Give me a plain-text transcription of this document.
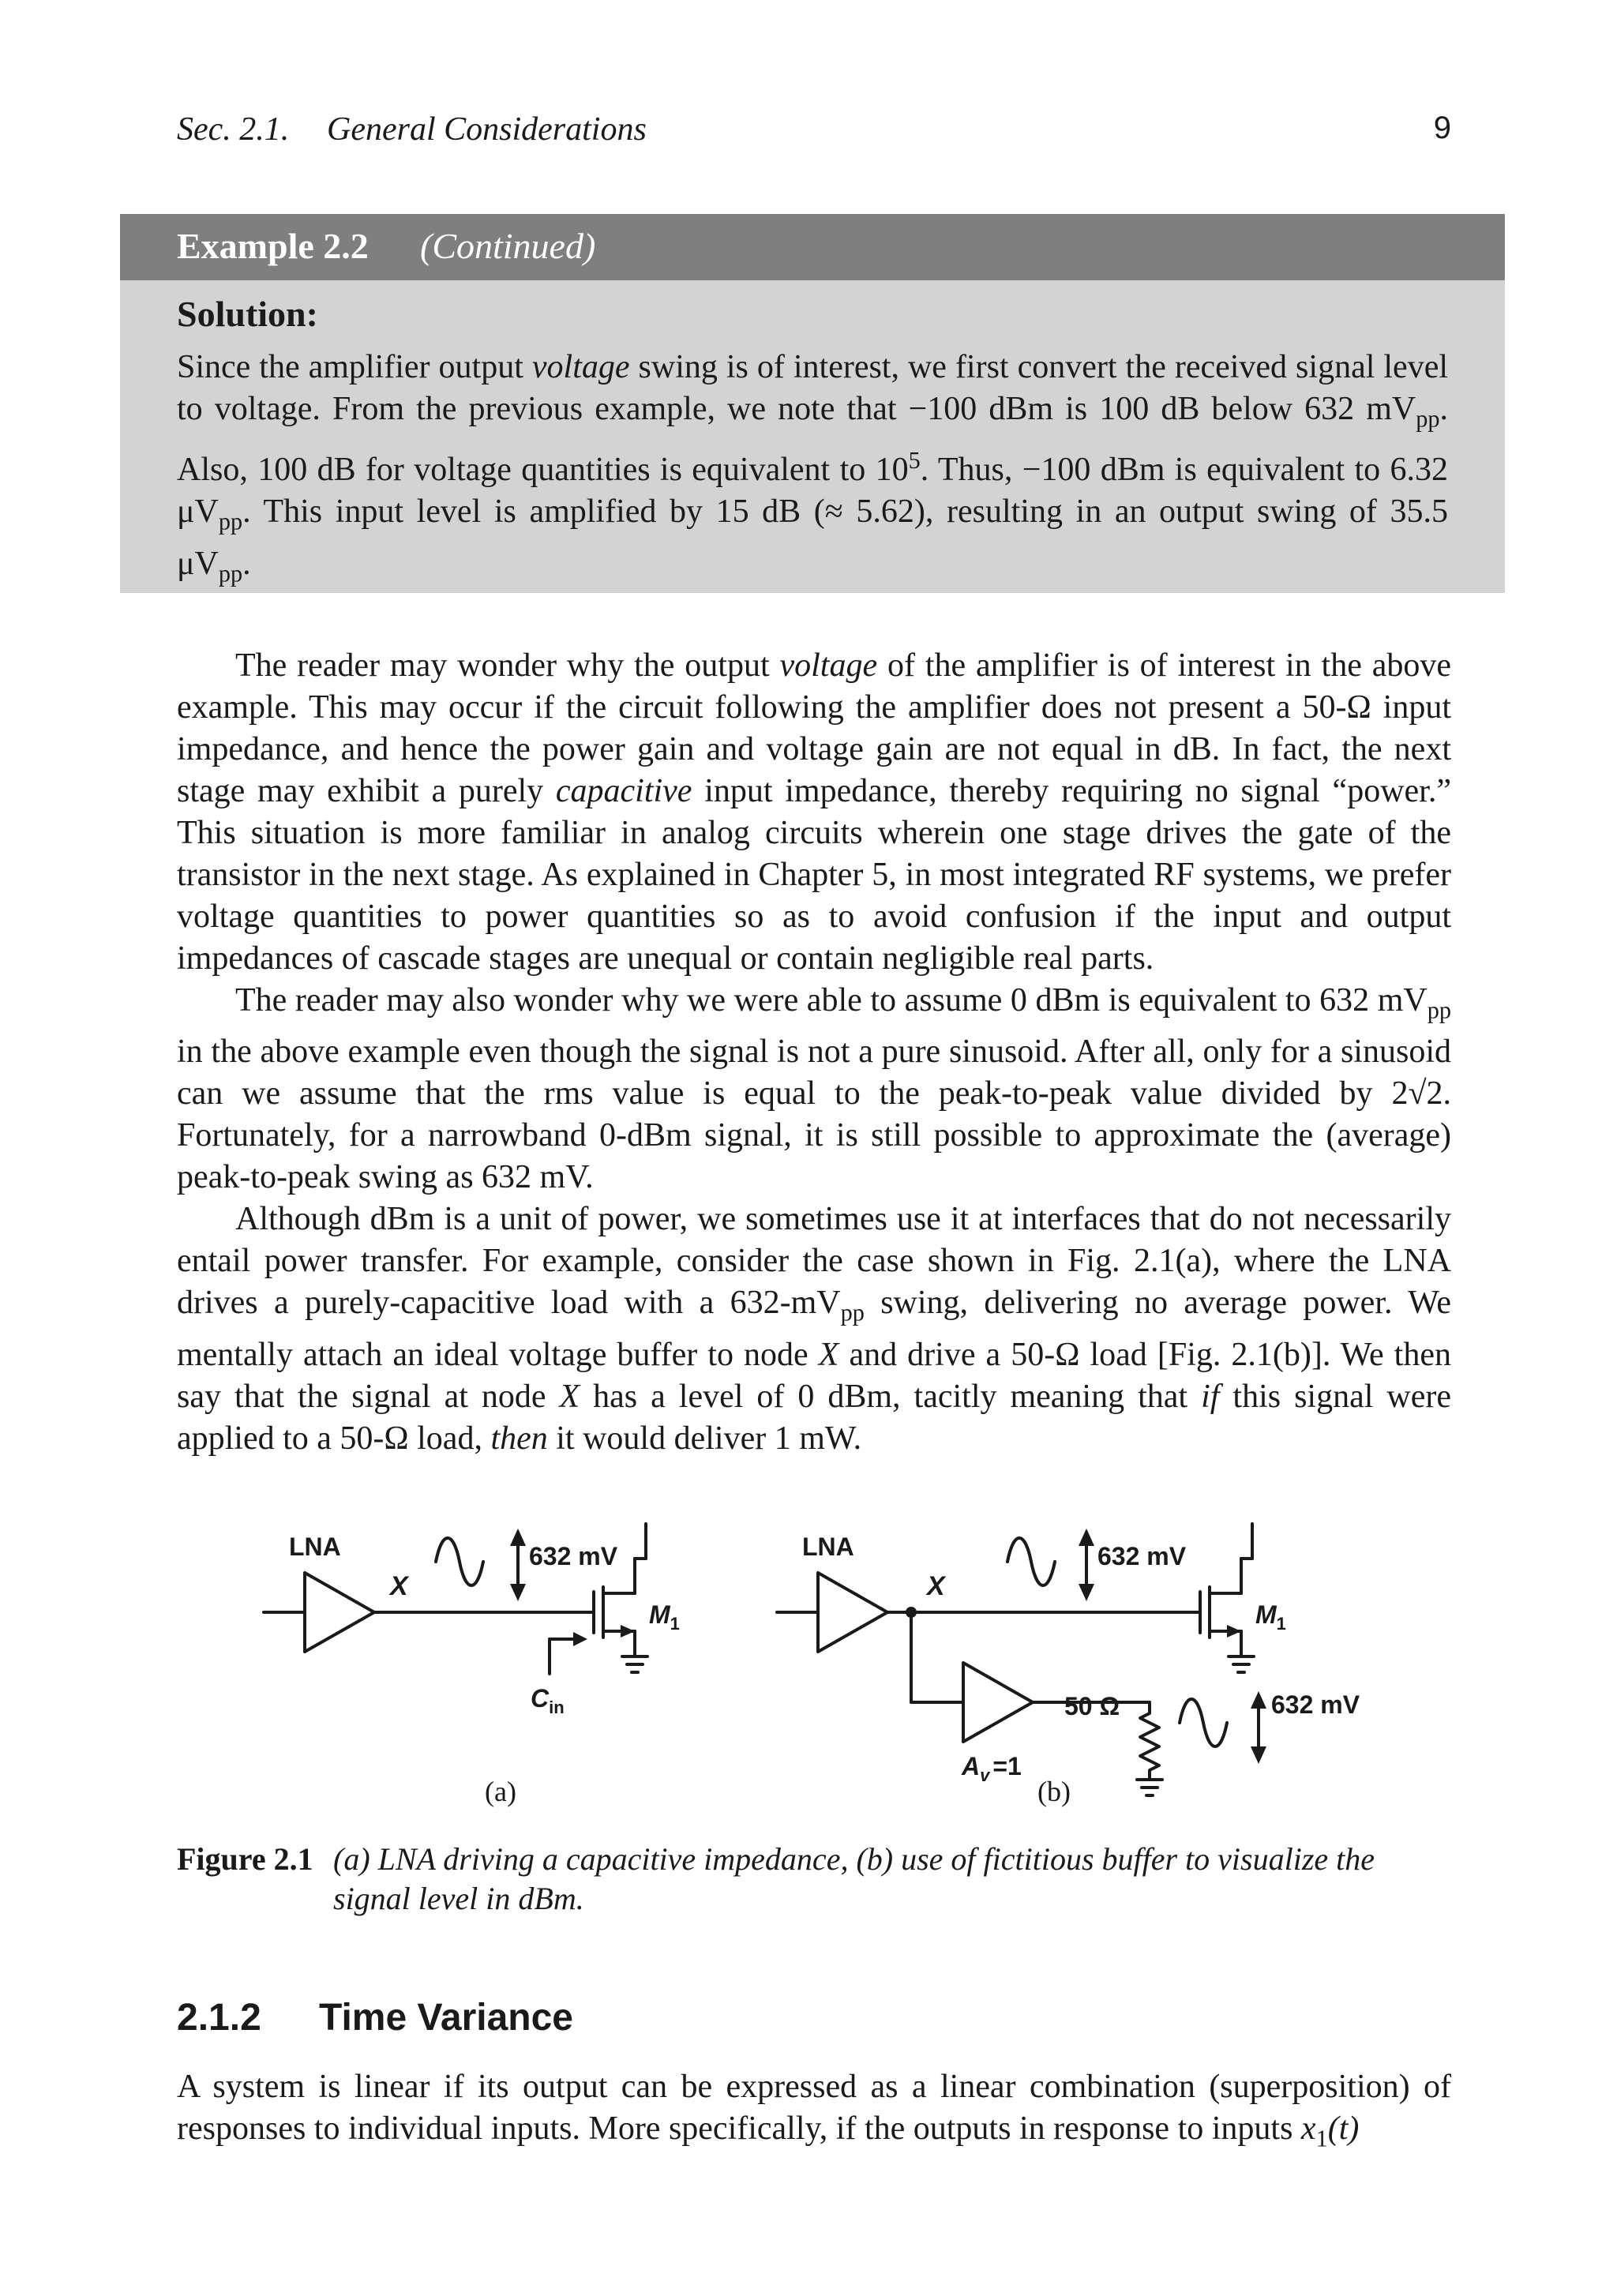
Sec. 2.1. General Considerations	9
Example 2.2 (Continued)
Solution:
Since the amplifier output voltage swing is of interest, we first convert the received signal level to voltage. From the previous example, we note that −100 dBm is 100 dB below 632 $mV_{pp}$. Also, 100 dB for voltage quantities is equivalent to $10^5$. Thus, −100 dBm is equivalent to 6.32 $\mu V_{pp}$. This input level is amplified by 15 dB (≈ 5.62), resulting in an output swing of 35.5 $\mu V_{pp}$.

The reader may wonder why the output voltage of the amplifier is of interest in the above example. This may occur if the circuit following the amplifier does not present a 50-Ω input impedance, and hence the power gain and voltage gain are not equal in dB. In fact, the next stage may exhibit a purely capacitive input impedance, thereby requiring no signal “power.” This situation is more familiar in analog circuits wherein one stage drives the gate of the transistor in the next stage. As explained in Chapter 5, in most integrated RF systems, we prefer voltage quantities to power quantities so as to avoid confusion if the input and output impedances of cascade stages are unequal or contain negligible real parts.

The reader may also wonder why we were able to assume 0 dBm is equivalent to 632 $mV_{pp}$ in the above example even though the signal is not a pure sinusoid. After all, only for a sinusoid can we assume that the rms value is equal to the peak-to-peak value divided by 2√2. Fortunately, for a narrowband 0-dBm signal, it is still possible to approximate the (average) peak-to-peak swing as 632 mV.

Although dBm is a unit of power, we sometimes use it at interfaces that do not necessarily entail power transfer. For example, consider the case shown in Fig. 2.1(a), where the LNA drives a purely-capacitive load with a $632-mV_{pp}$ swing, delivering no average power. We mentally attach an ideal voltage buffer to node X and drive a 50-Ω load [Fig. 2.1(b)]. We then say that the signal at node X has a level of 0 dBm, tacitly meaning that if this signal were applied to a 50-Ω load, then it would deliver 1 mW.

LNA
X
632 mV
$M_1$
$C_{in}$
LNA
X
632 mV
$M_1$
$A_v =1$
50 Ω	632 mV
(a)	(b)
Figure 2.1 (a) LNA driving a capacitive impedance, (b) use of fictitious buffer to visualize the signal level in dBm.
2.1.2 Time Variance
A system is linear if its output can be expressed as a linear combination (superposition) of responses to individual inputs. More specifically, if the outputs in response to inputs $x_1(t)$
